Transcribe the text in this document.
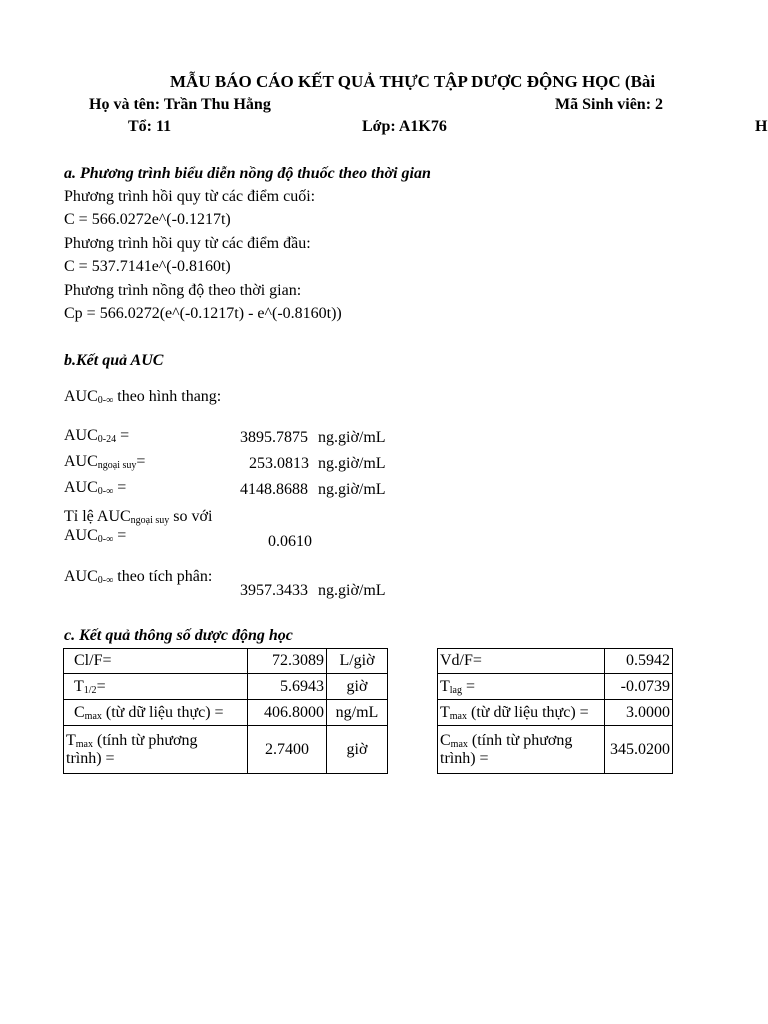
MẪU BÁO CÁO KẾT QUẢ THỰC TẬP DƯỢC ĐỘNG HỌC (Bài
Họ và tên: Trần Thu Hằng	Mã Sinh viên: 2
Tổ: 11	Lớp: A1K76	H
a. Phương trình biểu diễn nồng độ thuốc theo thời gian
Phương trình hồi quy từ các điểm cuối:
C = 566.0272e^(-0.1217t)
Phương trình hồi quy từ các điểm đầu:
C = 537.7141e^(-0.8160t)
Phương trình nồng độ theo thời gian:
Cp = 566.0272(e^(-0.1217t) - e^(-0.8160t))
b.Kết quả AUC
$AUC_{0-\infty}$ theo hình thang:
$AUC_{0-24}$ =	3895.7875 ng.giờ/mL
$AUC_{ngoại suy}=$	253.0813 ng.giờ/mL
$AUC_{0-\infty}$ =	4148.8688 ng.giờ/mL
Tỉ lệ $AUC_{ngoại suy}$ so với
$AUC_{0-\infty}$ =	0.0610
$AUC_{0-\infty}$ theo tích phân:
3957.3433 ng.giờ/mL
c. Kết quả thông số dược động học
Cl/F=	72.3089	L/giờ
$T_{1/2}=$	5.6943	giờ
$C_{max}$ (từ dữ liệu thực) =	406.8000	ng/mL
$T_{max}$ (tính từ phương
trình) =	2.7400	giờ
Vd/F=	0.5942
$T_{lag}$ =	-0.0739
$T_{max}$ (từ dữ liệu thực) =	3.0000
$C_{max}$ (tính từ phương
trình) =	345.0200
